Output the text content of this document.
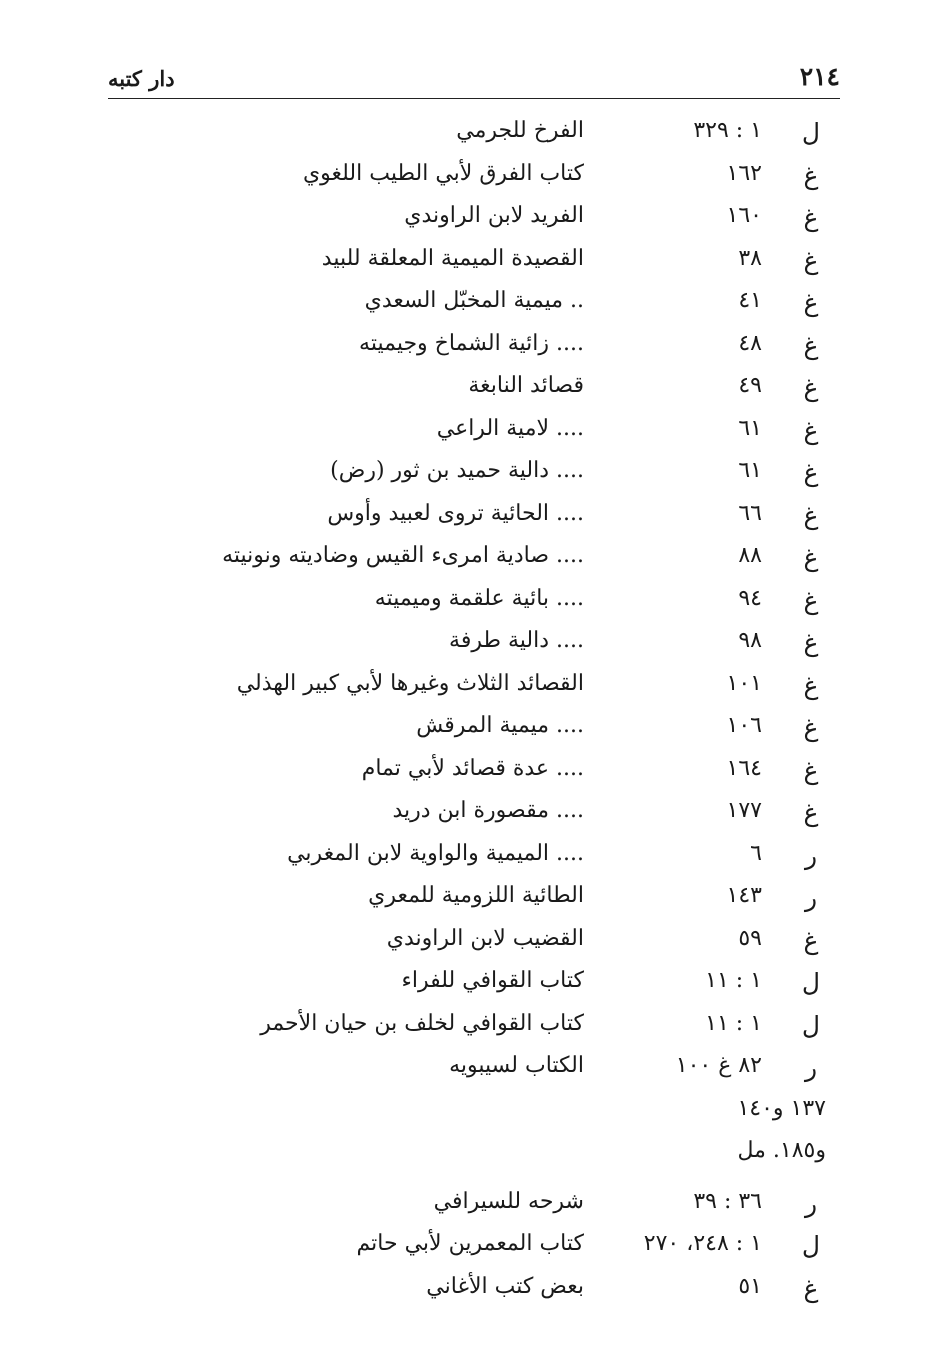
٢١٤
دار كتبه
ل
١ : ٣٢٩
الفرخ للجرمي
غ
١٦٢
كتاب الفرق لأبي الطيب اللغوي
غ
١٦٠
الفريد لابن الراوندي
غ
٣٨
القصيدة الميمية المعلقة للبيد
غ
٤١
.. ميمية المخبّل السعدي
غ
٤٨
.... زائية الشماخ وجيميته
غ
٤٩
قصائد النابغة
غ
٦١
.... لامية الراعي
غ
٦١
.... دالية حميد بن ثور (رض)
غ
٦٦
.... الحائية تروى لعبيد وأوس
غ
٨٨
.... صادية امرىء القيس وضاديته ونونيته
غ
٩٤
.... بائية علقمة وميميته
غ
٩٨
.... دالية طرفة
غ
١٠١
القصائد الثلاث وغيرها لأبي كبير الهذلي
غ
١٠٦
.... ميمية المرقش
غ
١٦٤
.... عدة قصائد لأبي تمام
غ
١٧٧
.... مقصورة ابن دريد
ر
٦
.... الميمية والواوية لابن المغربي
ر
١٤٣
الطائية اللزومية للمعري
غ
٥٩
القضيب لابن الراوندي
ل
١ : ١١
كتاب القوافي للفراء
ل
١ : ١١
كتاب القوافي لخلف بن حيان الأحمر
ر
٨٢ غ ١٠٠
الكتاب لسيبويه
١٣٧ و١٤٠
و١٨٥. مل
ر
٣٦ : ٣٩
شرحه للسيرافي
ل
١ : ٢٤٨، ٢٧٠
كتاب المعمرين لأبي حاتم
غ
٥١
بعض كتب الأغاني
